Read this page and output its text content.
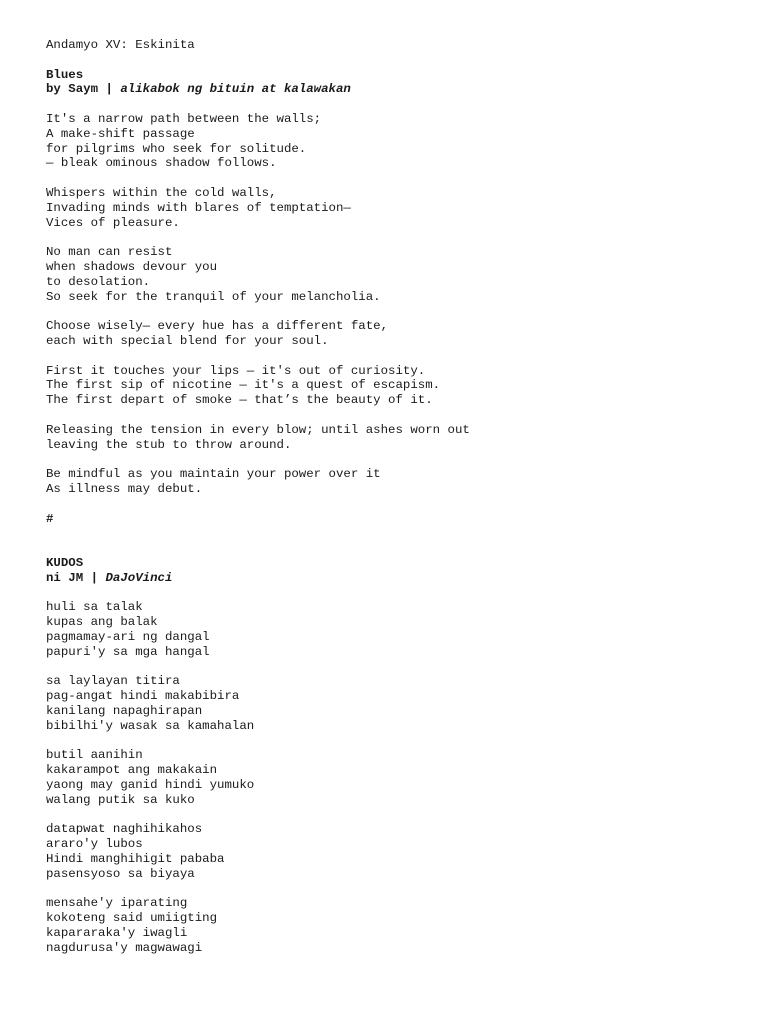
Andamyo XV: Eskinita
Blues
by Saym | alikabok ng bituin at kalawakan
It's a narrow path between the walls;
A make-shift passage
for pilgrims who seek for solitude.
— bleak ominous shadow follows.
Whispers within the cold walls,
Invading minds with blares of temptation—
Vices of pleasure.
No man can resist
when shadows devour you
to desolation.
So seek for the tranquil of your melancholia.
Choose wisely— every hue has a different fate,
each with special blend for your soul.
First it touches your lips — it's out of curiosity.
The first sip of nicotine — it's a quest of escapism.
The first depart of smoke — that’s the beauty of it.
Releasing the tension in every blow; until ashes worn out
leaving the stub to throw around.
Be mindful as you maintain your power over it
As illness may debut.
#
KUDOS
ni JM | DaJoVinci
huli sa talak
kupas ang balak
pagmamay-ari ng dangal
papuri'y sa mga hangal
sa laylayan titira
pag-angat hindi makabibira
kanilang napaghirapan
bibilhi'y wasak sa kamahalan
butil aanihin
kakarampot ang makakain
yaong may ganid hindi yumuko
walang putik sa kuko
datapwat naghihikahos
araro'y lubos
Hindi manghihigit pababa
pasensyoso sa biyaya
mensahe'y iparating
kokoteng said umiigting
kapararaka'y iwagli
nagdurusa'y magwawagi
